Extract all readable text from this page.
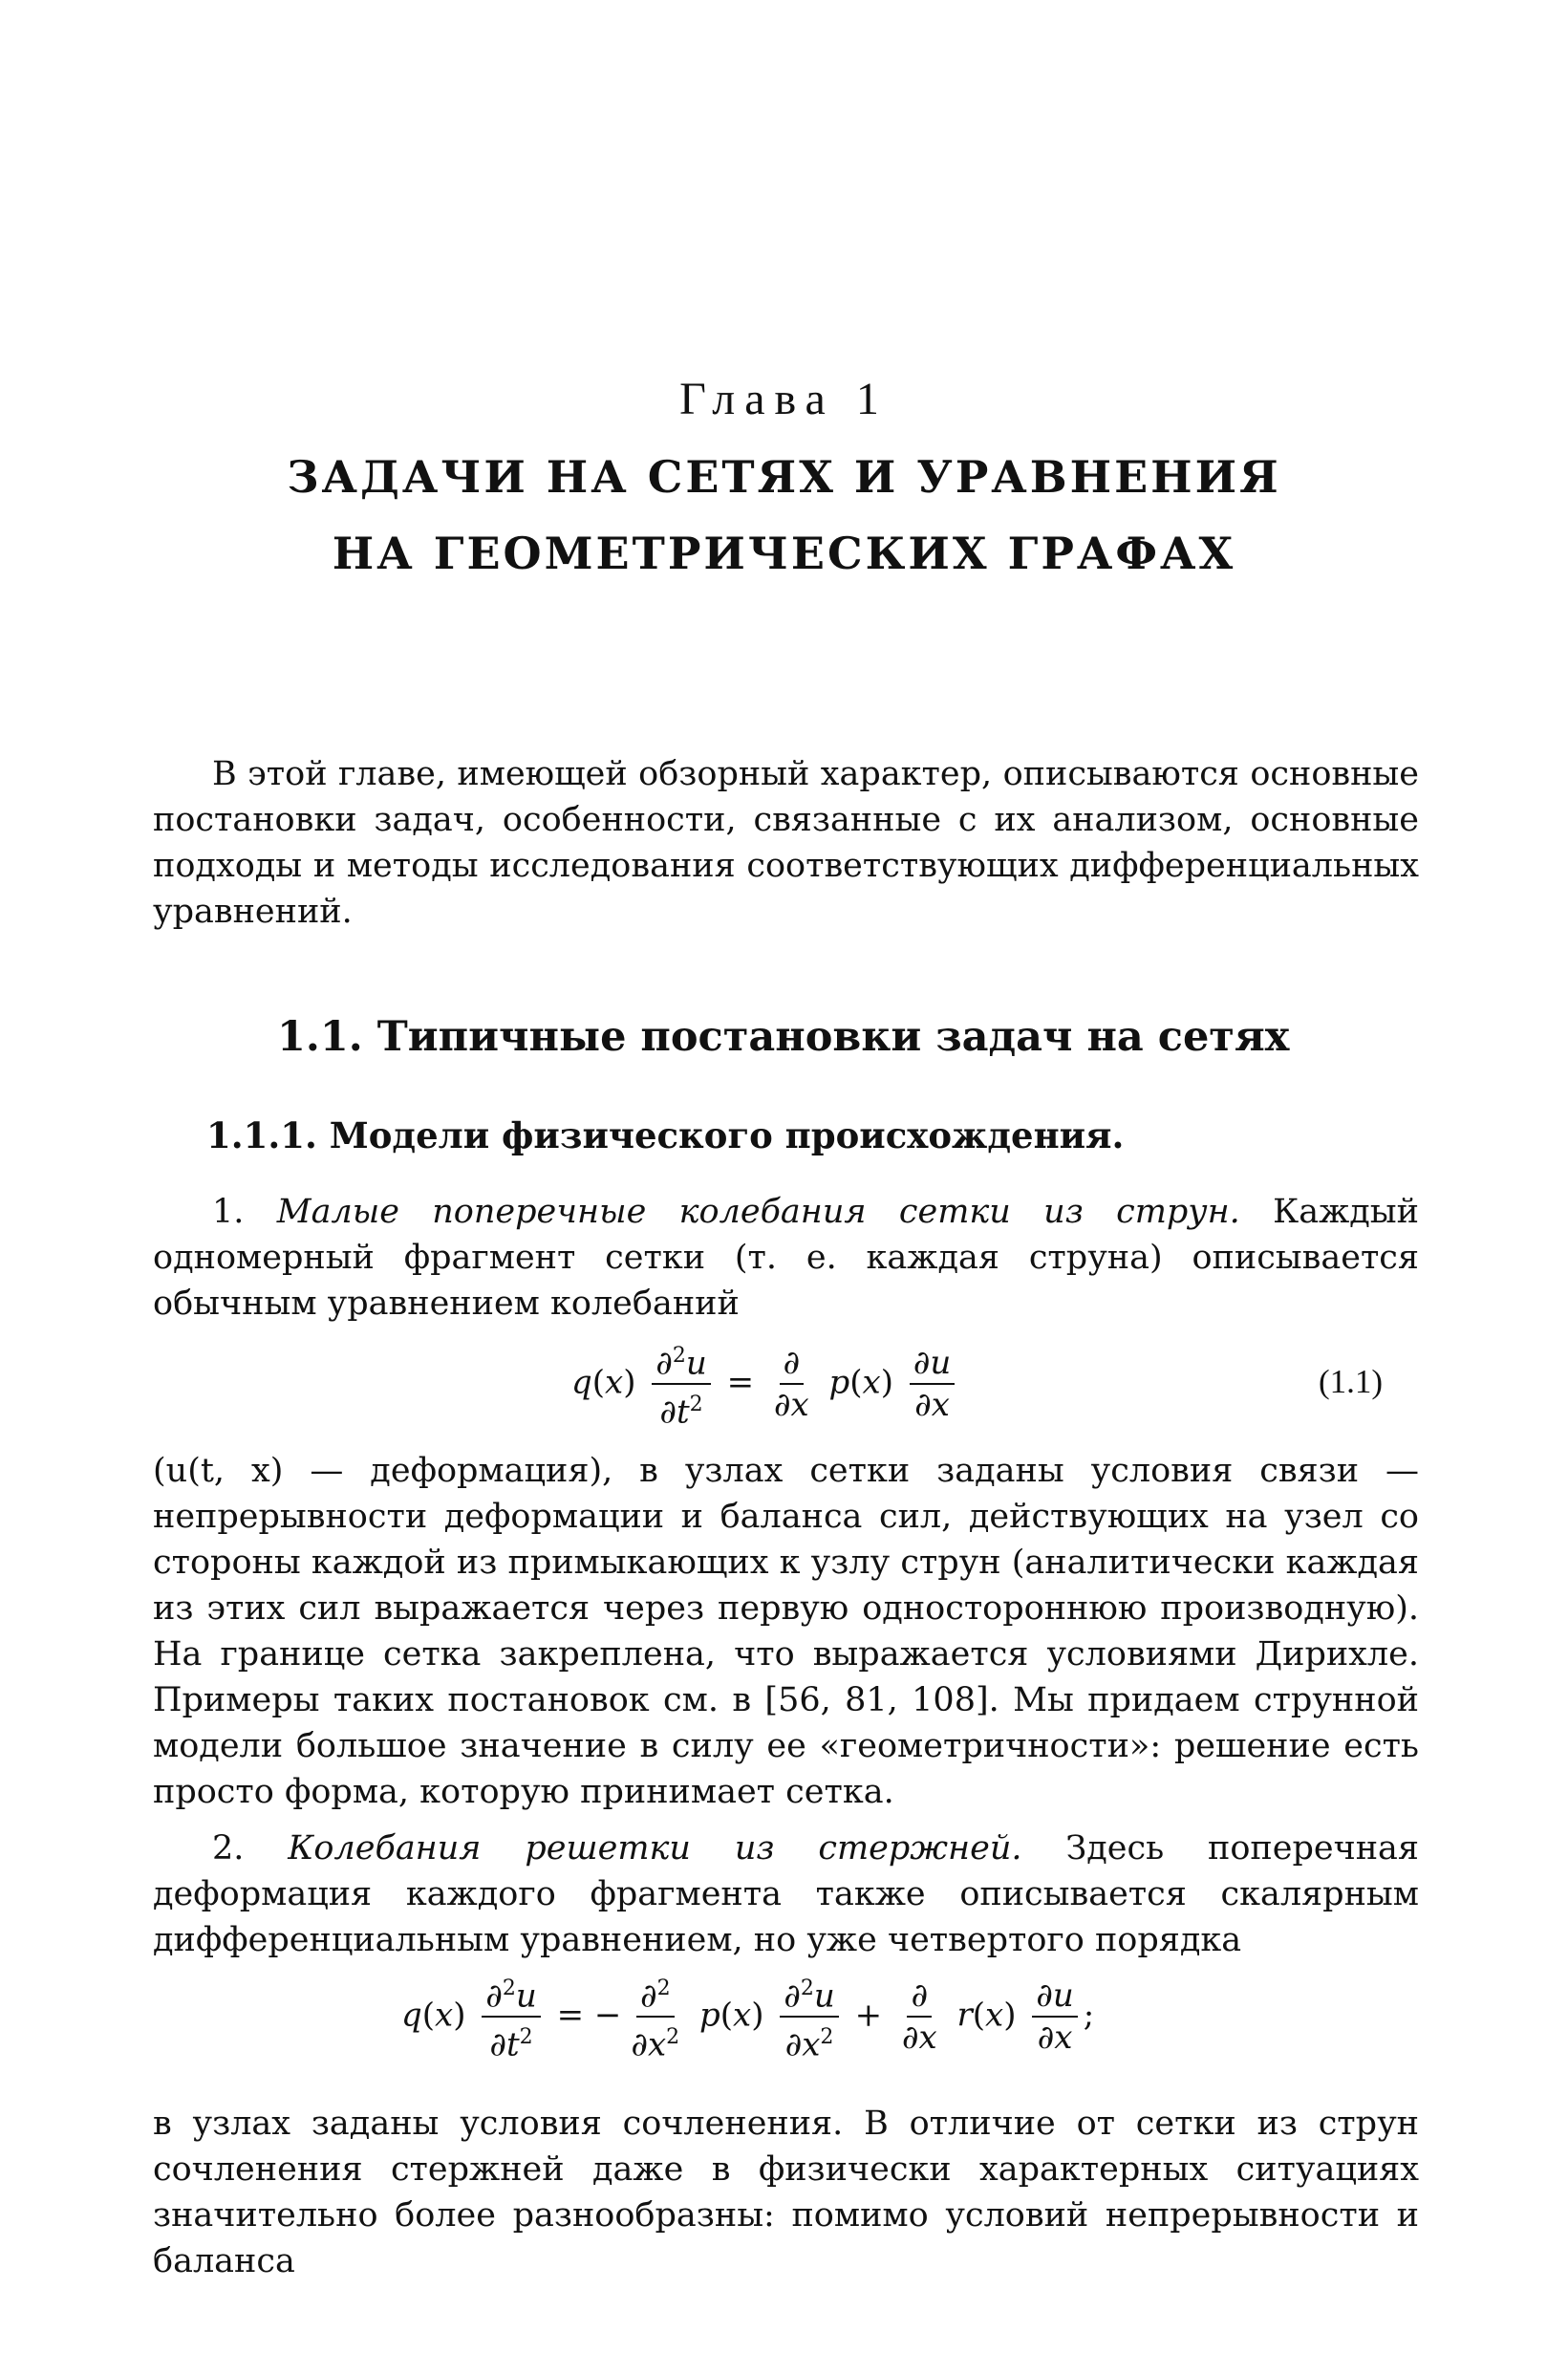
Глава 1
ЗАДАЧИ НА СЕТЯХ И УРАВНЕНИЯ
НА ГЕОМЕТРИЧЕСКИХ ГРАФАХ
В этой главе, имеющей обзорный характер, описываются основные постановки задач, особенности, связанные с их анализом, основные подходы и методы исследования соответствующих дифференциальных уравнений.
1.1. Типичные постановки задач на сетях
1.1.1. Модели физического происхождения.
1. Малые поперечные колебания сетки из струн. Каждый одномерный фрагмент сетки (т. е. каждая струна) описывается обычным уравнением колебаний
$q(x) \frac{\partial^2u}{\partial t^2} = \frac{\partial}{\partial x} p(x) \frac{\partial u}{\partial x}$	(1.1)
(u(t, x) — деформация), в узлах сетки заданы условия связи — непрерывности деформации и баланса сил, действующих на узел со стороны каждой из примыкающих к узлу струн (аналитически каждая из этих сил выражается через первую одностороннюю производную). На границе сетка закреплена, что выражается условиями Дирихле. Примеры таких постановок см. в [56, 81, 108]. Мы придаем струнной модели большое значение в силу ее «геометричности»: решение есть просто форма, которую принимает сетка.
2. Колебания решетки из стержней. Здесь поперечная деформация каждого фрагмента также описывается скалярным дифференциальным уравнением, но уже четвертого порядка
$q(x) \frac{\partial^2u}{\partial t^2}$ = − $\frac{\partial^2}{\partial x^2} p(x) \frac{\partial^2u}{\partial x^2} + \frac{\partial}{\partial x} r(x) \frac{\partial u}{\partial x}$ ;
в узлах заданы условия сочленения. В отличие от сетки из струн сочленения стержней даже в физически характерных ситуациях значительно более разнообразны: помимо условий непрерывности и баланса
